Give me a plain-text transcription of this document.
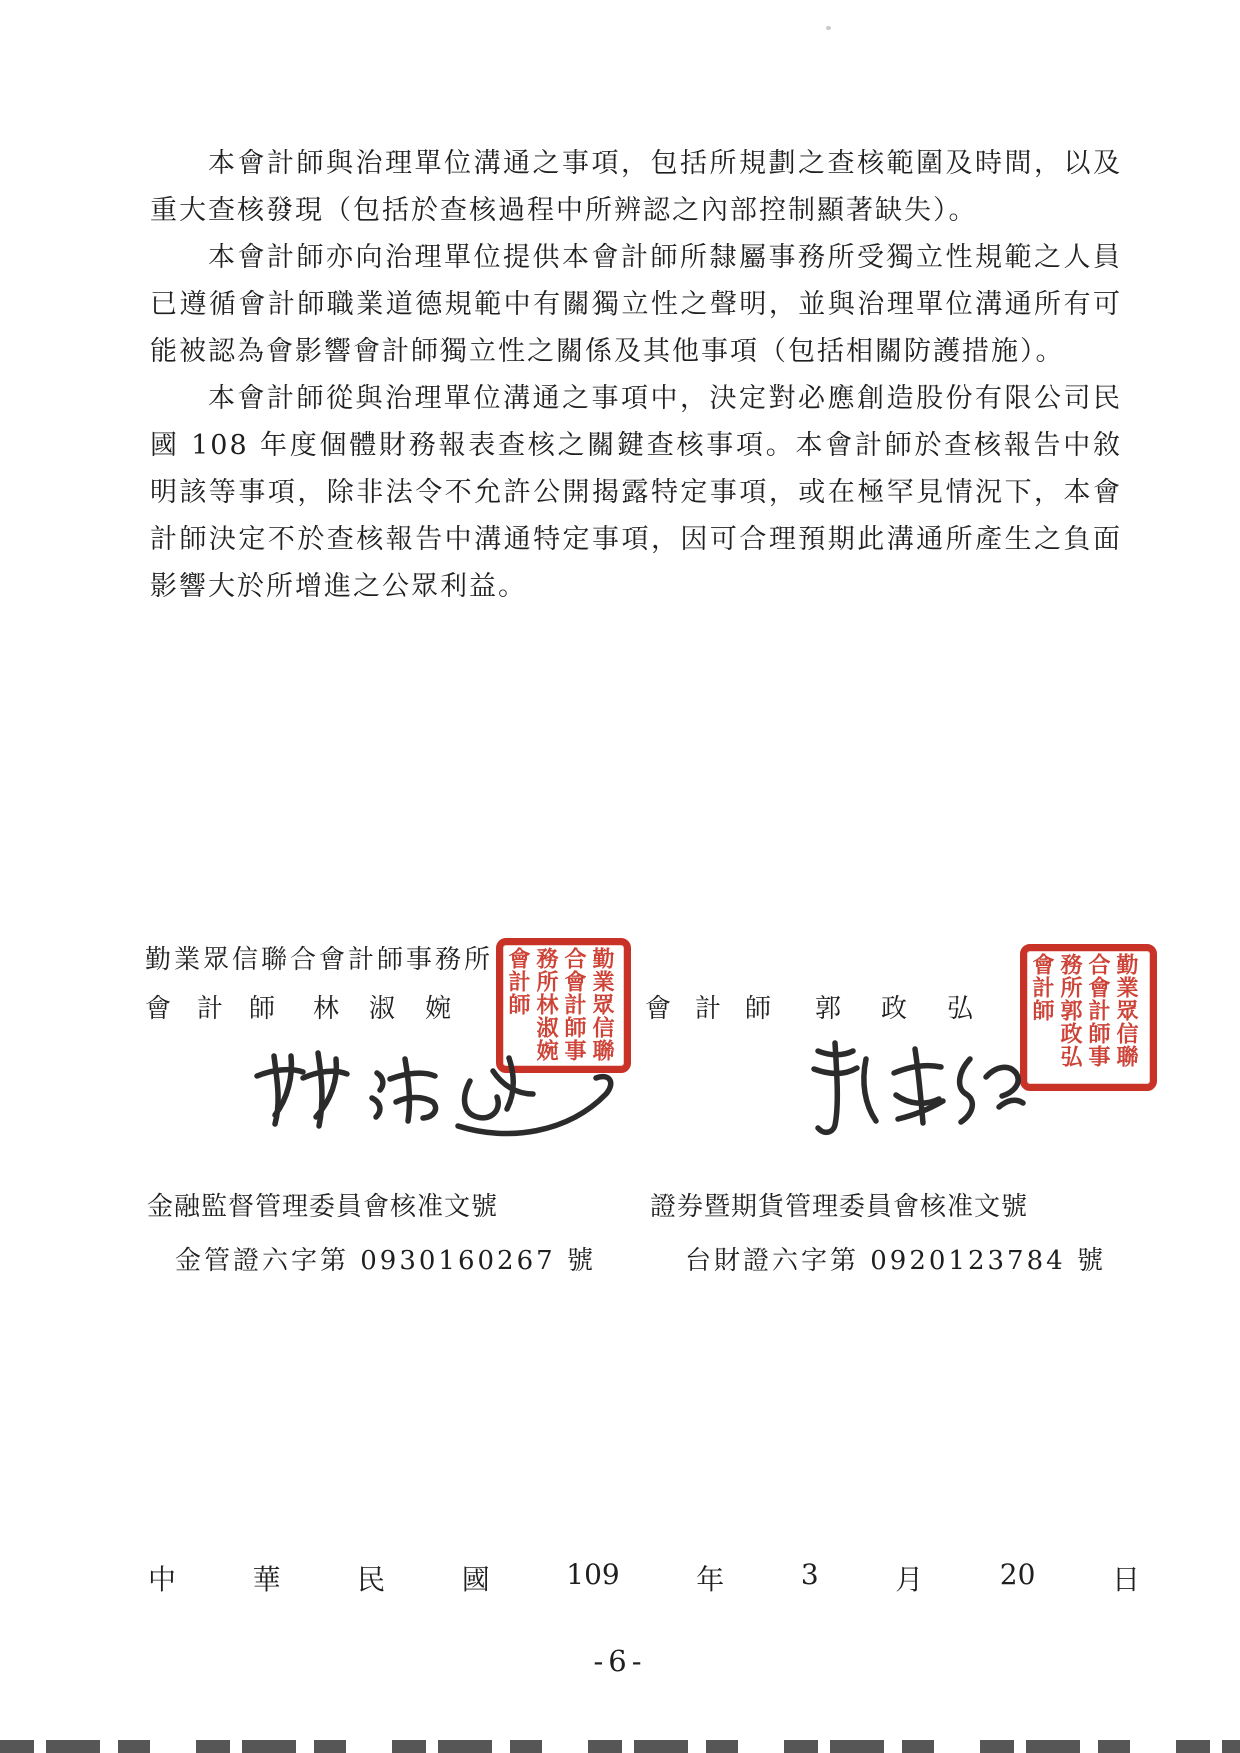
本會計師與治理單位溝通之事項，包括所規劃之查核範圍及時間，以及重大查核發現（包括於查核過程中所辨認之內部控制顯著缺失）。

本會計師亦向治理單位提供本會計師所隸屬事務所受獨立性規範之人員已遵循會計師職業道德規範中有關獨立性之聲明，並與治理單位溝通所有可能被認為會影響會計師獨立性之關係及其他事項（包括相關防護措施）。

本會計師從與治理單位溝通之事項中，決定對必應創造股份有限公司民國 108 年度個體財務報表查核之關鍵查核事項。本會計師於查核報告中敘明該等事項，除非法令不允許公開揭露特定事項，或在極罕見情況下，本會計師決定不於查核報告中溝通特定事項，因可合理預期此溝通所產生之負面影響大於所增進之公眾利益。

勤業眾信聯合會計師事務所
會計師 林淑婉	會計師 郭政弘
勤業眾信聯合會計師事務所林淑婉會計師	勤業眾信聯合會計師事務所郭政弘會計師
金融監督管理委員會核准文號
金管證六字第 0930160267 號
證券暨期貨管理委員會核准文號
台財證六字第 0920123784 號
中	華	民	國	109	年	3	月	20	日
-6-
